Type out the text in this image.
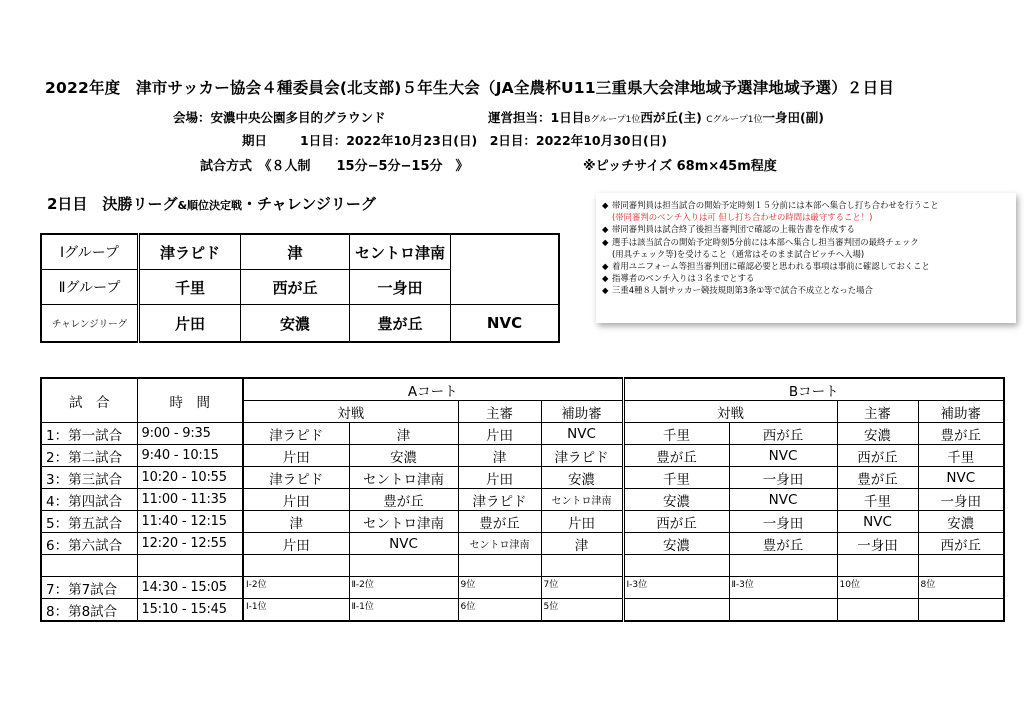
2022年度　津市サッカー協会４種委員会(北支部)５年生大会（JA全農杯U11三重県大会津地域予選津地域予選）２日目
会場：安濃中央公園多目的グラウンド	運営担当：1日目Bグループ1位西が丘(主) Cグループ1位一身田(副)
期日	1日目：2022年10月23日(日)　2日目：2022年10月30日(日)
試合方式　《８人制　　15分−5分−15分　》	※ピッチサイズ 68m×45m程度
2日目　決勝リーグ&順位決定戦・チャレンジリーグ
Ⅰグループ	津ラピド	津	セントロ津南	
Ⅱグループ	千里	西が丘	一身田	
チャレンジリーグ	片田	安濃	豊が丘	NVC
◆ 帯同審判員は担当試合の開始予定時刻１５分前には本部へ集合し打ち合わせを行うこと
(帯同審判のベンチ入りは可 但し打ち合わせの時間は厳守すること！)
◆ 帯同審判員は試合終了後担当審判団で確認の上報告書を作成する
◆ 選手は該当試合の開始予定時刻5分前には本部へ集合し担当審判団の最終チェック
(用具チェック等)を受けること（通常はそのまま試合ピッチへ入場)
◆ 着用ユニフォーム等担当審判団に確認必要と思われる事項は事前に確認しておくこと
◆ 指導者のベンチ入りは３名までとする
◆ 三重4種８人制サッカー競技規則第3条①等で試合不成立となった場合
試　合	時　間	Aコート				Bコート			
		対戦		主審	補助審	対戦		主審	補助審
1：第一試合	9:00 - 9:35	津ラピド	津	片田	NVC	千里	西が丘	安濃	豊が丘
2：第二試合	9:40 - 10:15	片田	安濃	津	津ラピド	豊が丘	NVC	西が丘	千里
3：第三試合	10:20 - 10:55	津ラピド	セントロ津南	片田	安濃	千里	一身田	豊が丘	NVC
4：第四試合	11:00 - 11:35	片田	豊が丘	津ラピド	セントロ津南	安濃	NVC	千里	一身田
5：第五試合	11:40 - 12:15	津	セントロ津南	豊が丘	片田	西が丘	一身田	NVC	安濃
6：第六試合	12:20 - 12:55	片田	NVC	セントロ津南	津	安濃	豊が丘	一身田	西が丘

7：第7試合	14:30 - 15:05	Ⅰ-2位	Ⅱ-2位	9位	7位	Ⅰ-3位	Ⅱ-3位	10位	8位
8：第8試合	15:10 - 15:45	Ⅰ-1位	Ⅱ-1位	6位	5位				
